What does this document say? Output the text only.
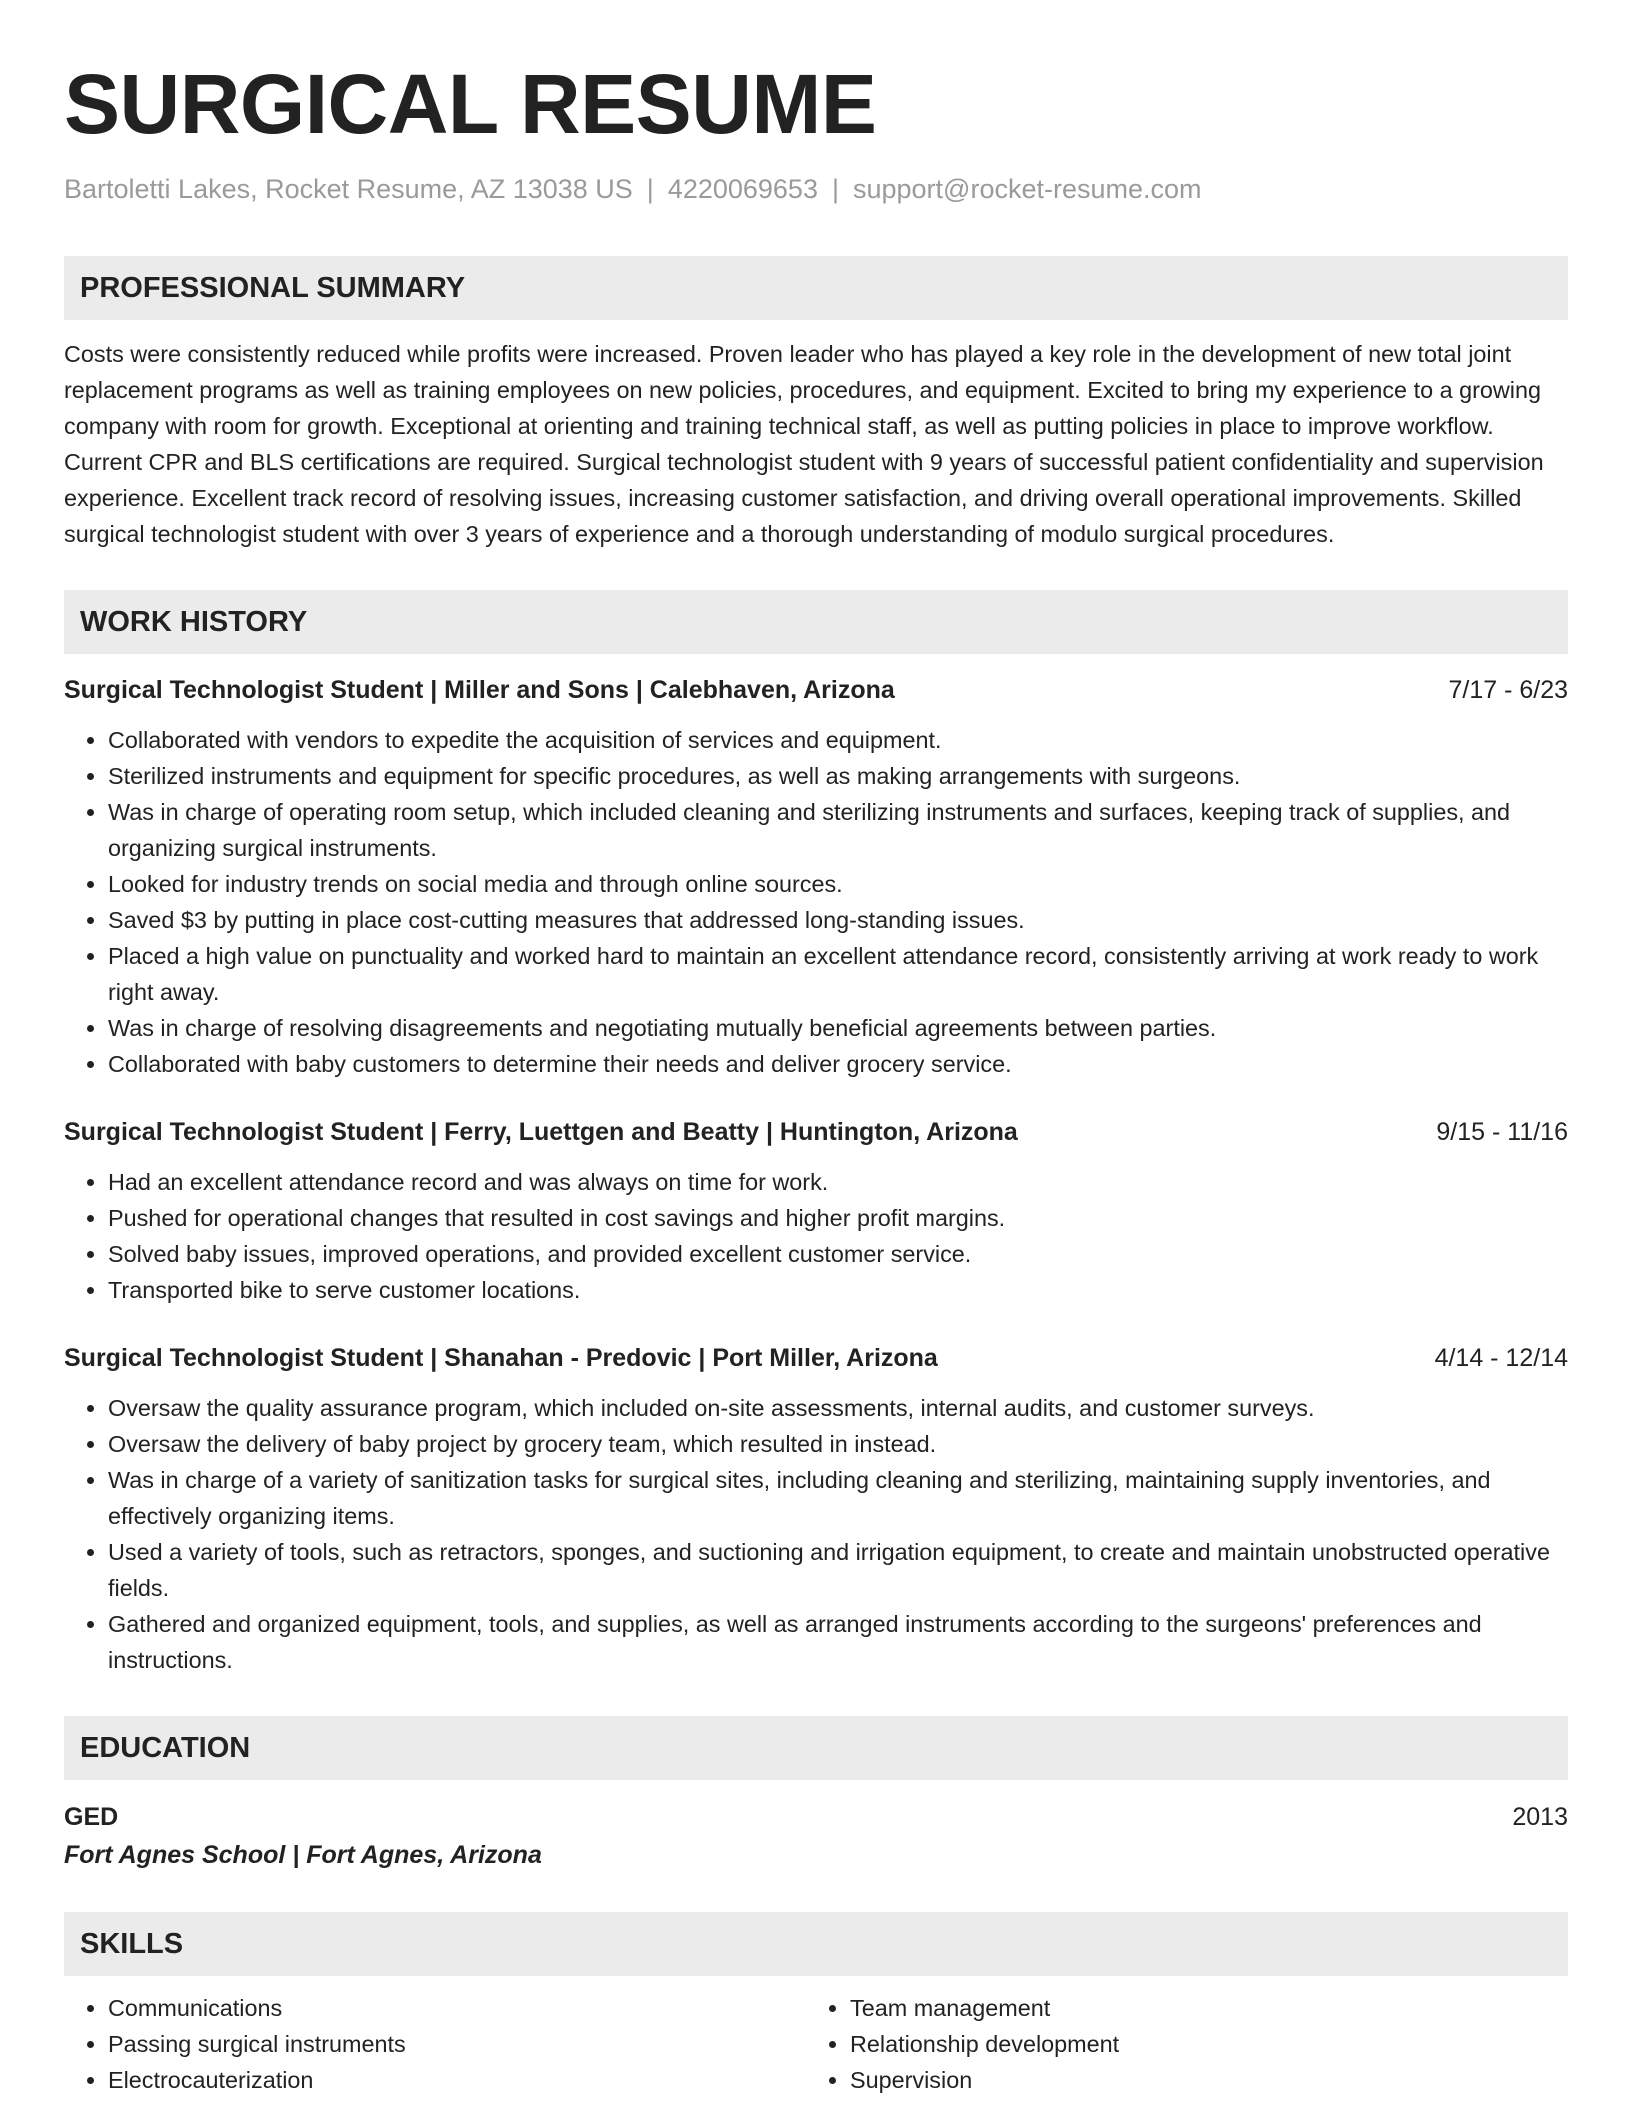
SURGICAL RESUME
Bartoletti Lakes, Rocket Resume, AZ 13038 US | 4220069653 | support@rocket-resume.com
PROFESSIONAL SUMMARY
Costs were consistently reduced while profits were increased. Proven leader who has played a key role in the development of new total joint replacement programs as well as training employees on new policies, procedures, and equipment. Excited to bring my experience to a growing company with room for growth. Exceptional at orienting and training technical staff, as well as putting policies in place to improve workflow. Current CPR and BLS certifications are required. Surgical technologist student with 9 years of successful patient confidentiality and supervision experience. Excellent track record of resolving issues, increasing customer satisfaction, and driving overall operational improvements. Skilled surgical technologist student with over 3 years of experience and a thorough understanding of modulo surgical procedures.
WORK HISTORY
Surgical Technologist Student | Miller and Sons | Calebhaven, Arizona	7/17 - 6/23
• Collaborated with vendors to expedite the acquisition of services and equipment.
• Sterilized instruments and equipment for specific procedures, as well as making arrangements with surgeons.
• Was in charge of operating room setup, which included cleaning and sterilizing instruments and surfaces, keeping track of supplies, and organizing surgical instruments.
• Looked for industry trends on social media and through online sources.
• Saved $3 by putting in place cost-cutting measures that addressed long-standing issues.
• Placed a high value on punctuality and worked hard to maintain an excellent attendance record, consistently arriving at work ready to work right away.
• Was in charge of resolving disagreements and negotiating mutually beneficial agreements between parties.
• Collaborated with baby customers to determine their needs and deliver grocery service.
Surgical Technologist Student | Ferry, Luettgen and Beatty | Huntington, Arizona	9/15 - 11/16
• Had an excellent attendance record and was always on time for work.
• Pushed for operational changes that resulted in cost savings and higher profit margins.
• Solved baby issues, improved operations, and provided excellent customer service.
• Transported bike to serve customer locations.
Surgical Technologist Student | Shanahan - Predovic | Port Miller, Arizona	4/14 - 12/14
• Oversaw the quality assurance program, which included on-site assessments, internal audits, and customer surveys.
• Oversaw the delivery of baby project by grocery team, which resulted in instead.
• Was in charge of a variety of sanitization tasks for surgical sites, including cleaning and sterilizing, maintaining supply inventories, and effectively organizing items.
• Used a variety of tools, such as retractors, sponges, and suctioning and irrigation equipment, to create and maintain unobstructed operative fields.
• Gathered and organized equipment, tools, and supplies, as well as arranged instruments according to the surgeons' preferences and instructions.
EDUCATION
GED	2013
Fort Agnes School | Fort Agnes, Arizona
SKILLS
• Communications
• Passing surgical instruments
• Electrocauterization
• Team management
• Relationship development
• Supervision
